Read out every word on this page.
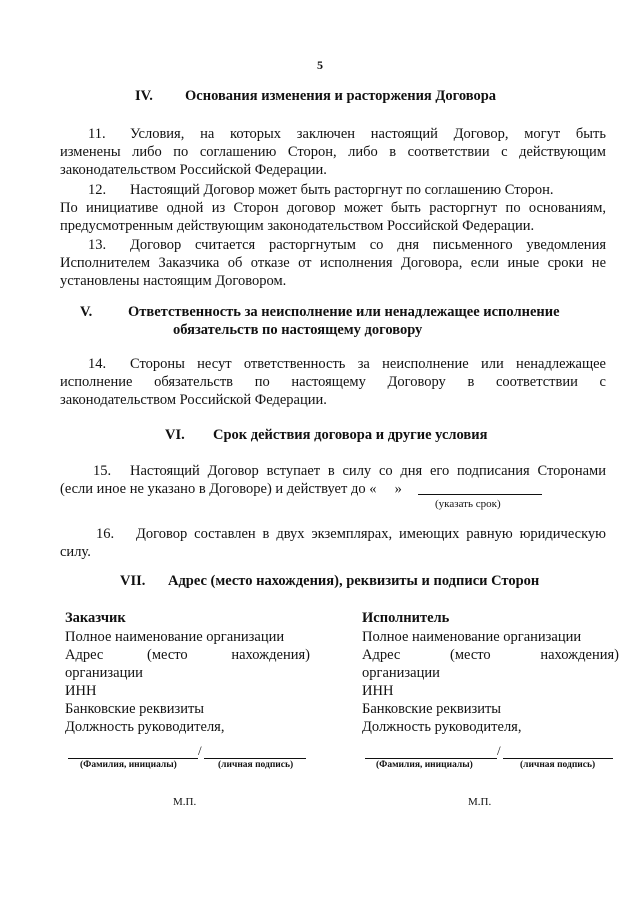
5
IV. Основания изменения и расторжения Договора
11. Условия, на которых заключен настоящий Договор, могут быть
изменены либо по соглашению Сторон, либо в соответствии с действующим
законодательством Российской Федерации.
12. Настоящий Договор может быть расторгнут по соглашению Сторон.
По инициативе одной из Сторон договор может быть расторгнут по основаниям,
предусмотренным действующим законодательством Российской Федерации.
13. Договор считается расторгнутым со дня письменного уведомления
Исполнителем Заказчика об отказе от исполнения Договора, если иные сроки не
установлены настоящим Договором.
V. Ответственность за неисполнение или ненадлежащее исполнение
обязательств по настоящему договору
14. Стороны несут ответственность за неисполнение или ненадлежащее
исполнение обязательств по настоящему Договору в соответствии с
законодательством Российской Федерации.
VI. Срок действия договора и другие условия
15. Настоящий Договор вступает в силу со дня его подписания Сторонами
(если иное не указано в Договоре) и действует до «     »
(указать срок)
16. Договор составлен в двух экземплярах, имеющих равную юридическую
силу.
VII. Адрес (место нахождения), реквизиты и подписи Сторон
Заказчик
Полное наименование организации
Адрес	(место	нахождения)
организации
ИНН
Банковские реквизиты
Должность руководителя,
/
(Фамилия, инициалы)	(личная подпись)
М.П.
Исполнитель
Полное наименование организации
Адрес	(место	нахождения)
организации
ИНН
Банковские реквизиты
Должность руководителя,
/
(Фамилия, инициалы)	(личная подпись)
М.П.
